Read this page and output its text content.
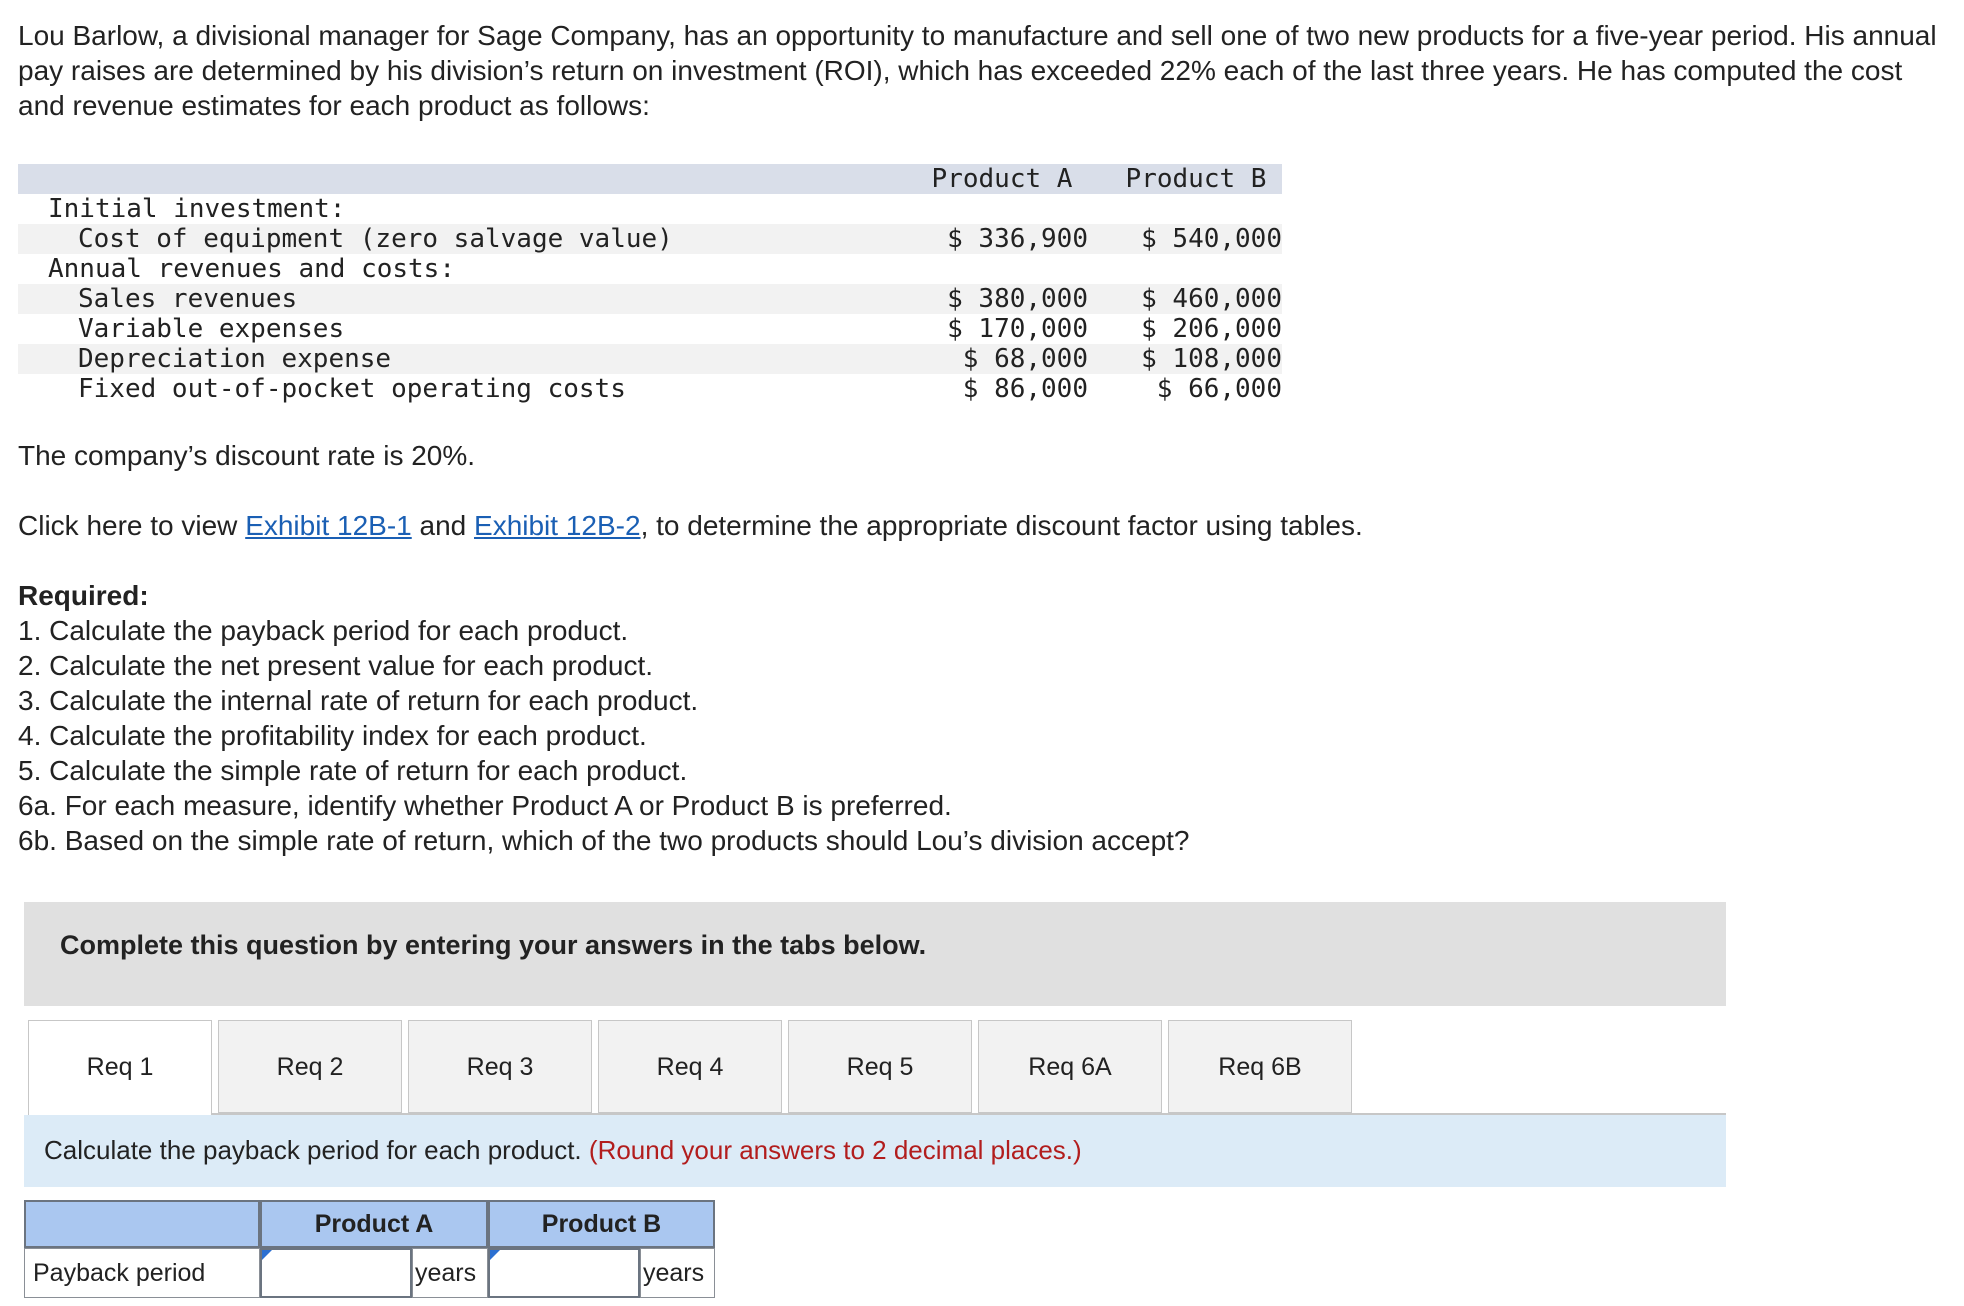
Lou Barlow, a divisional manager for Sage Company, has an opportunity to manufacture and sell one of two new products for a five-year period. His annual pay raises are determined by his division’s return on investment (ROI), which has exceeded 22% each of the last three years. He has computed the cost and revenue estimates for each product as follows:

Product A	Product B
Initial investment:
Cost of equipment (zero salvage value)	$ 336,900	$ 540,000
Annual revenues and costs:
Sales revenues	$ 380,000	$ 460,000
Variable expenses	$ 170,000	$ 206,000
Depreciation expense	$ 68,000	$ 108,000
Fixed out-of-pocket operating costs	$ 86,000	$ 66,000

The company’s discount rate is 20%.

Click here to view Exhibit 12B-1 and Exhibit 12B-2, to determine the appropriate discount factor using tables.

Required:

1. Calculate the payback period for each product.
2. Calculate the net present value for each product.
3. Calculate the internal rate of return for each product.
4. Calculate the profitability index for each product.
5. Calculate the simple rate of return for each product.
6a. For each measure, identify whether Product A or Product B is preferred.
6b. Based on the simple rate of return, which of the two products should Lou’s division accept?
Complete this question by entering your answers in the tabs below.
Req 1	Req 2	Req 3	Req 4	Req 5	Req 6A	Req 6B
Calculate the payback period for each product. (Round your answers to 2 decimal places.)
Product A	Product B
Payback period	years	years
